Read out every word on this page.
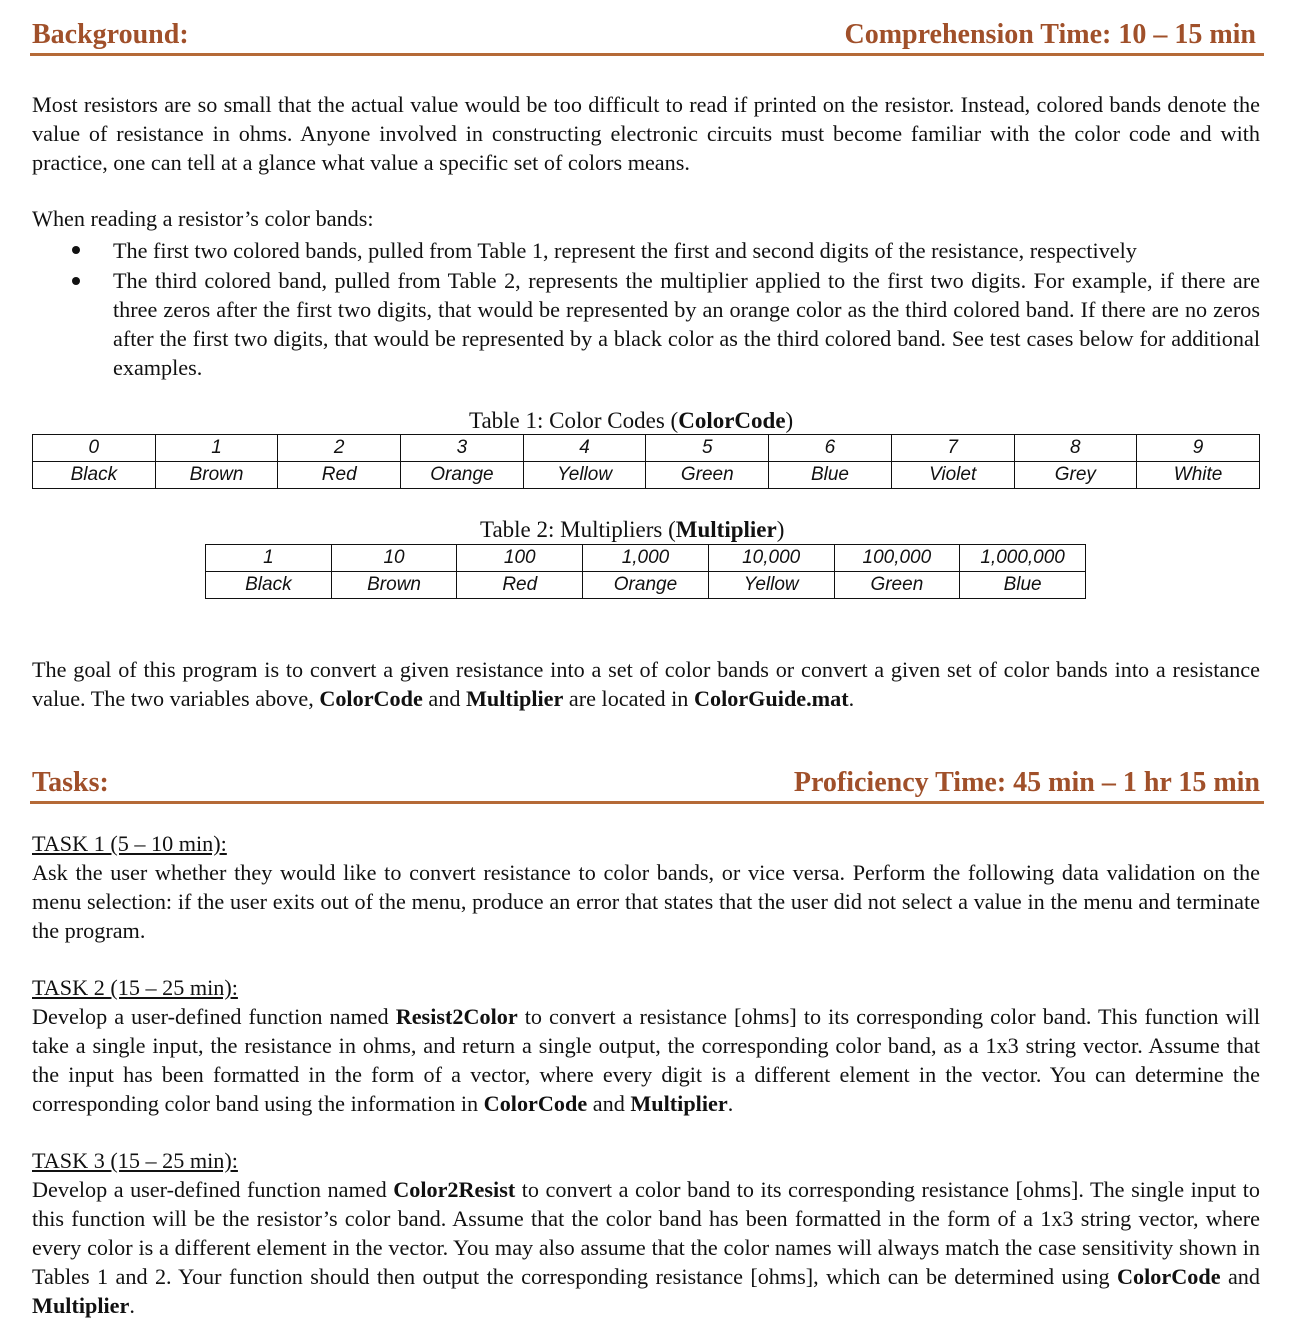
Background:	Comprehension Time: 10 – 15 min
Most resistors are so small that the actual value would be too difficult to read if printed on the resistor. Instead, colored bands denote the value of resistance in ohms. Anyone involved in constructing electronic circuits must become familiar with the color code and with practice, one can tell at a glance what value a specific set of colors means.
When reading a resistor’s color bands:
The first two colored bands, pulled from Table 1, represent the first and second digits of the resistance, respectively
The third colored band, pulled from Table 2, represents the multiplier applied to the first two digits. For example, if there are three zeros after the first two digits, that would be represented by an orange color as the third colored band. If there are no zeros after the first two digits, that would be represented by a black color as the third colored band. See test cases below for additional examples.
Table 1: Color Codes (ColorCode)
0	1	2	3	4	5	6	7	8	9
Black	Brown	Red	Orange	Yellow	Green	Blue	Violet	Grey	White
Table 2: Multipliers (Multiplier)
1	10	100	1,000	10,000	100,000	1,000,000
Black	Brown	Red	Orange	Yellow	Green	Blue
The goal of this program is to convert a given resistance into a set of color bands or convert a given set of color bands into a resistance value. The two variables above, ColorCode and Multiplier are located in ColorGuide.mat.
Tasks:	Proficiency Time: 45 min – 1 hr 15 min
TASK 1 (5 – 10 min):
Ask the user whether they would like to convert resistance to color bands, or vice versa. Perform the following data validation on the menu selection: if the user exits out of the menu, produce an error that states that the user did not select a value in the menu and terminate the program.
TASK 2 (15 – 25 min):
Develop a user-defined function named Resist2Color to convert a resistance [ohms] to its corresponding color band. This function will take a single input, the resistance in ohms, and return a single output, the corresponding color band, as a 1x3 string vector. Assume that the input has been formatted in the form of a vector, where every digit is a different element in the vector. You can determine the corresponding color band using the information in ColorCode and Multiplier.
TASK 3 (15 – 25 min):
Develop a user-defined function named Color2Resist to convert a color band to its corresponding resistance [ohms]. The single input to this function will be the resistor’s color band. Assume that the color band has been formatted in the form of a 1x3 string vector, where every color is a different element in the vector. You may also assume that the color names will always match the case sensitivity shown in Tables 1 and 2. Your function should then output the corresponding resistance [ohms], which can be determined using ColorCode and Multiplier.
